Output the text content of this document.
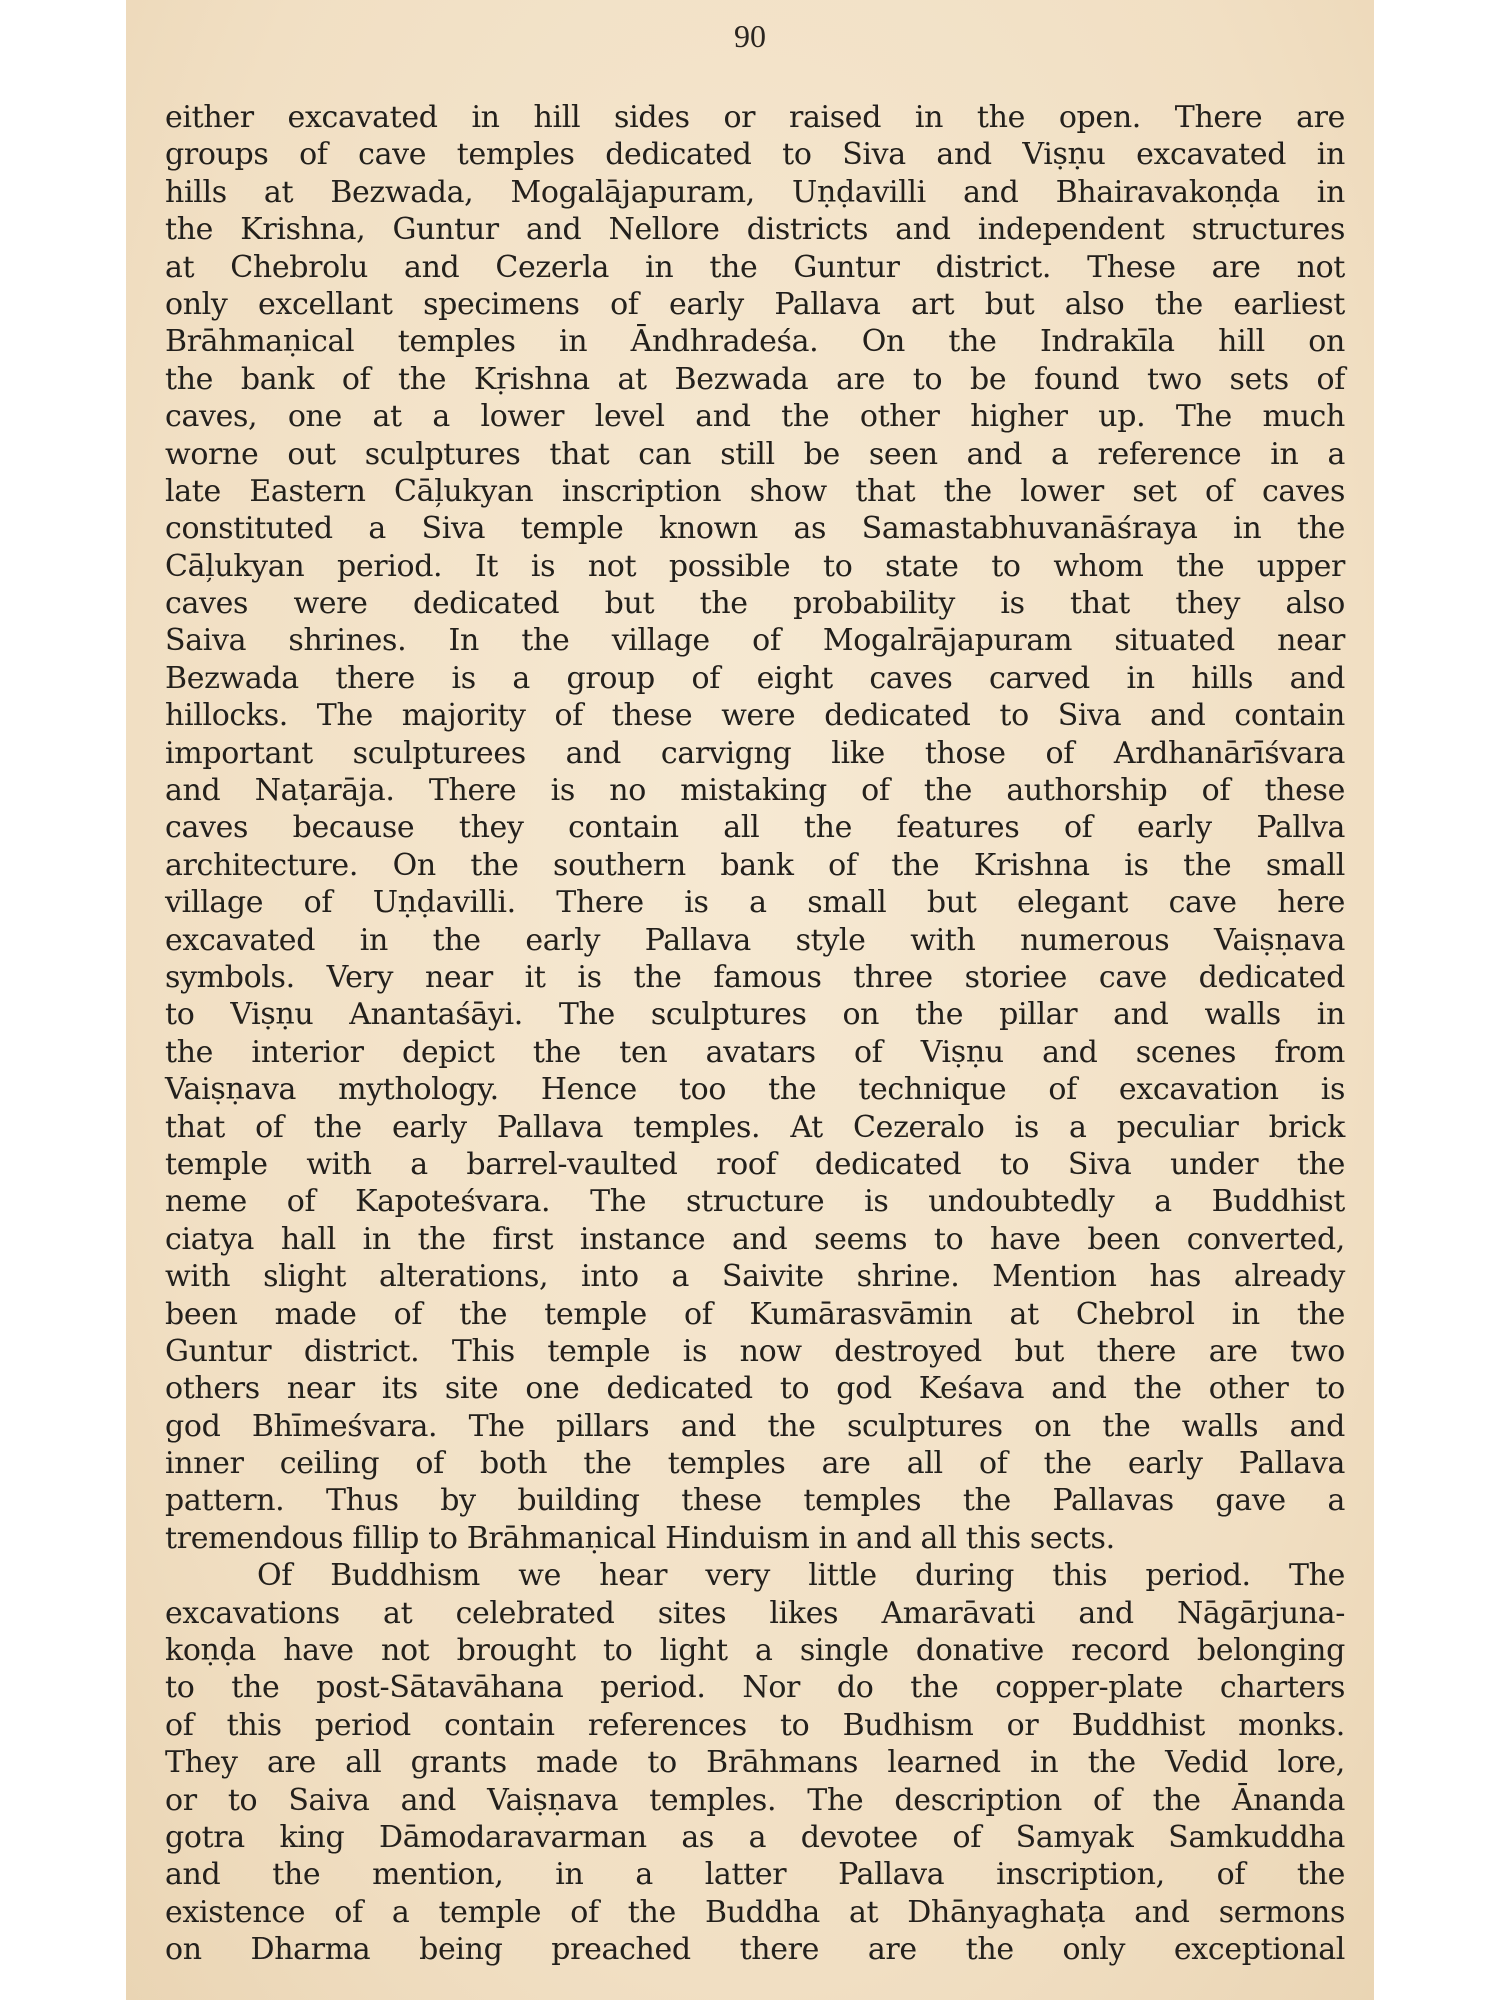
90
either excavated in hill sides or raised in the open. There are
groups of cave temples dedicated to Siva and Viṣṇu excavated in
hills at Bezwada, Mogalājapuram, Uṇḍavilli and Bhairavakoṇḍa in
the Krishna, Guntur and Nellore districts and independent structures
at Chebrolu and Cezerla in the Guntur district. These are not
only excellant specimens of early Pallava art but also the earliest
Brāhmaṇical temples in Āndhradeśa. On the Indrakīla hill on
the bank of the Kṛishna at Bezwada are to be found two sets of
caves, one at a lower level and the other higher up. The much
worne out sculptures that can still be seen and a reference in a
late Eastern Cāļukyan inscription show that the lower set of caves
constituted a Siva temple known as Samastabhuvanāśraya in the
Cāļukyan period. It is not possible to state to whom the upper
caves were dedicated but the probability is that they also
Saiva shrines. In the village of Mogalrājapuram situated near
Bezwada there is a group of eight caves carved in hills and
hillocks. The majority of these were dedicated to Siva and contain
important sculpturees and carvigng like those of Ardhanārīśvara
and Naṭarāja. There is no mistaking of the authorship of these
caves because they contain all the features of early Pallva
architecture. On the southern bank of the Krishna is the small
village of Uṇḍavilli. There is a small but elegant cave here
excavated in the early Pallava style with numerous Vaiṣṇava
symbols. Very near it is the famous three storiee cave dedicated
to Viṣṇu Anantaśāyi. The sculptures on the pillar and walls in
the interior depict the ten avatars of Viṣṇu and scenes from
Vaiṣṇava mythology. Hence too the technique of excavation is
that of the early Pallava temples. At Cezeralo is a peculiar brick
temple with a barrel-vaulted roof dedicated to Siva under the
neme of Kapoteśvara. The structure is undoubtedly a Buddhist
ciatya hall in the first instance and seems to have been converted,
with slight alterations, into a Saivite shrine. Mention has already
been made of the temple of Kumārasvāmin at Chebrol in the
Guntur district. This temple is now destroyed but there are two
others near its site one dedicated to god Keśava and the other to
god Bhīmeśvara. The pillars and the sculptures on the walls and
inner ceiling of both the temples are all of the early Pallava
pattern. Thus by building these temples the Pallavas gave a
tremendous fillip to Brāhmaṇical Hinduism in and all this sects.
Of Buddhism we hear very little during this period. The
excavations at celebrated sites likes Amarāvati and Nāgārjuna-
koṇḍa have not brought to light a single donative record belonging
to the post-Sātavāhana period. Nor do the copper-plate charters
of this period contain references to Budhism or Buddhist monks.
They are all grants made to Brāhmans learned in the Vedid lore,
or to Saiva and Vaiṣṇava temples. The description of the Ānanda
gotra king Dāmodaravarman as a devotee of Samyak Samkuddha
and the mention, in a latter Pallava inscription, of the
existence of a temple of the Buddha at Dhānyaghaṭa and sermons
on Dharma being preached there are the only exceptional
